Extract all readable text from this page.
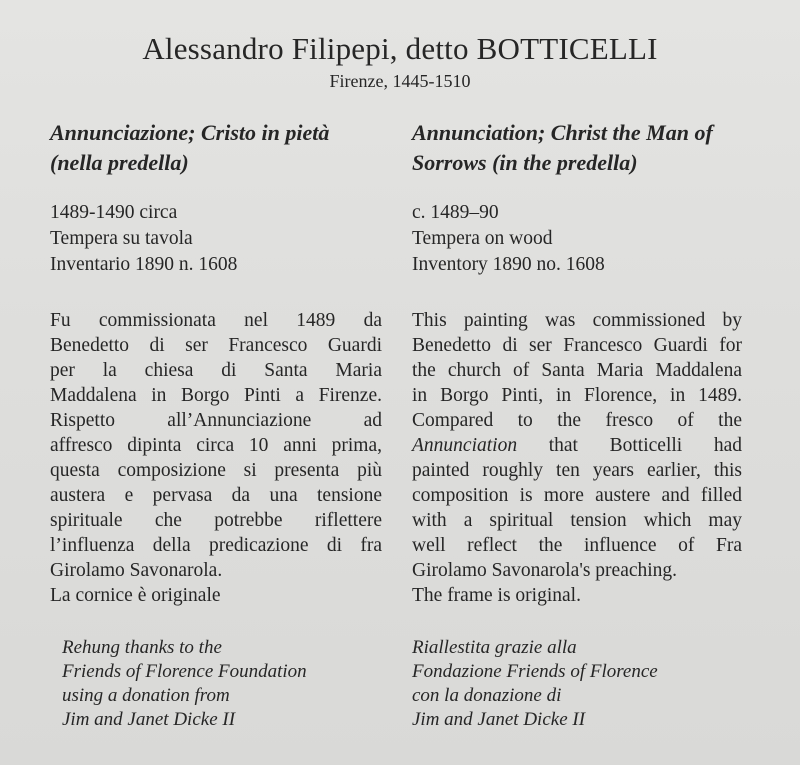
Alessandro Filipepi, detto BOTTICELLI
Firenze, 1445-1510
Annunciazione; Cristo in pietà
(nella predella)
1489-1490 circa
Tempera su tavola
Inventario 1890 n. 1608
Fu commissionata nel 1489 da
Benedetto di ser Francesco Guardi
per la chiesa di Santa Maria
Maddalena in Borgo Pinti a Firenze.
Rispetto all’Annunciazione ad
affresco dipinta circa 10 anni prima,
questa composizione si presenta più
austera e pervasa da una tensione
spirituale che potrebbe riflettere
l’influenza della predicazione di fra
Girolamo Savonarola.
La cornice è originale
Annunciation; Christ the Man of
Sorrows (in the predella)
c. 1489–90
Tempera on wood
Inventory 1890 no. 1608
This painting was commissioned by
Benedetto di ser Francesco Guardi for
the church of Santa Maria Maddalena
in Borgo Pinti, in Florence, in 1489.
Compared to the fresco of the
Annunciation that Botticelli had
painted roughly ten years earlier, this
composition is more austere and filled
with a spiritual tension which may
well reflect the influence of Fra
Girolamo Savonarola's preaching.
The frame is original.
Rehung thanks to the
Friends of Florence Foundation
using a donation from
Jim and Janet Dicke II
Riallestita grazie alla
Fondazione Friends of Florence
con la donazione di
Jim and Janet Dicke II
